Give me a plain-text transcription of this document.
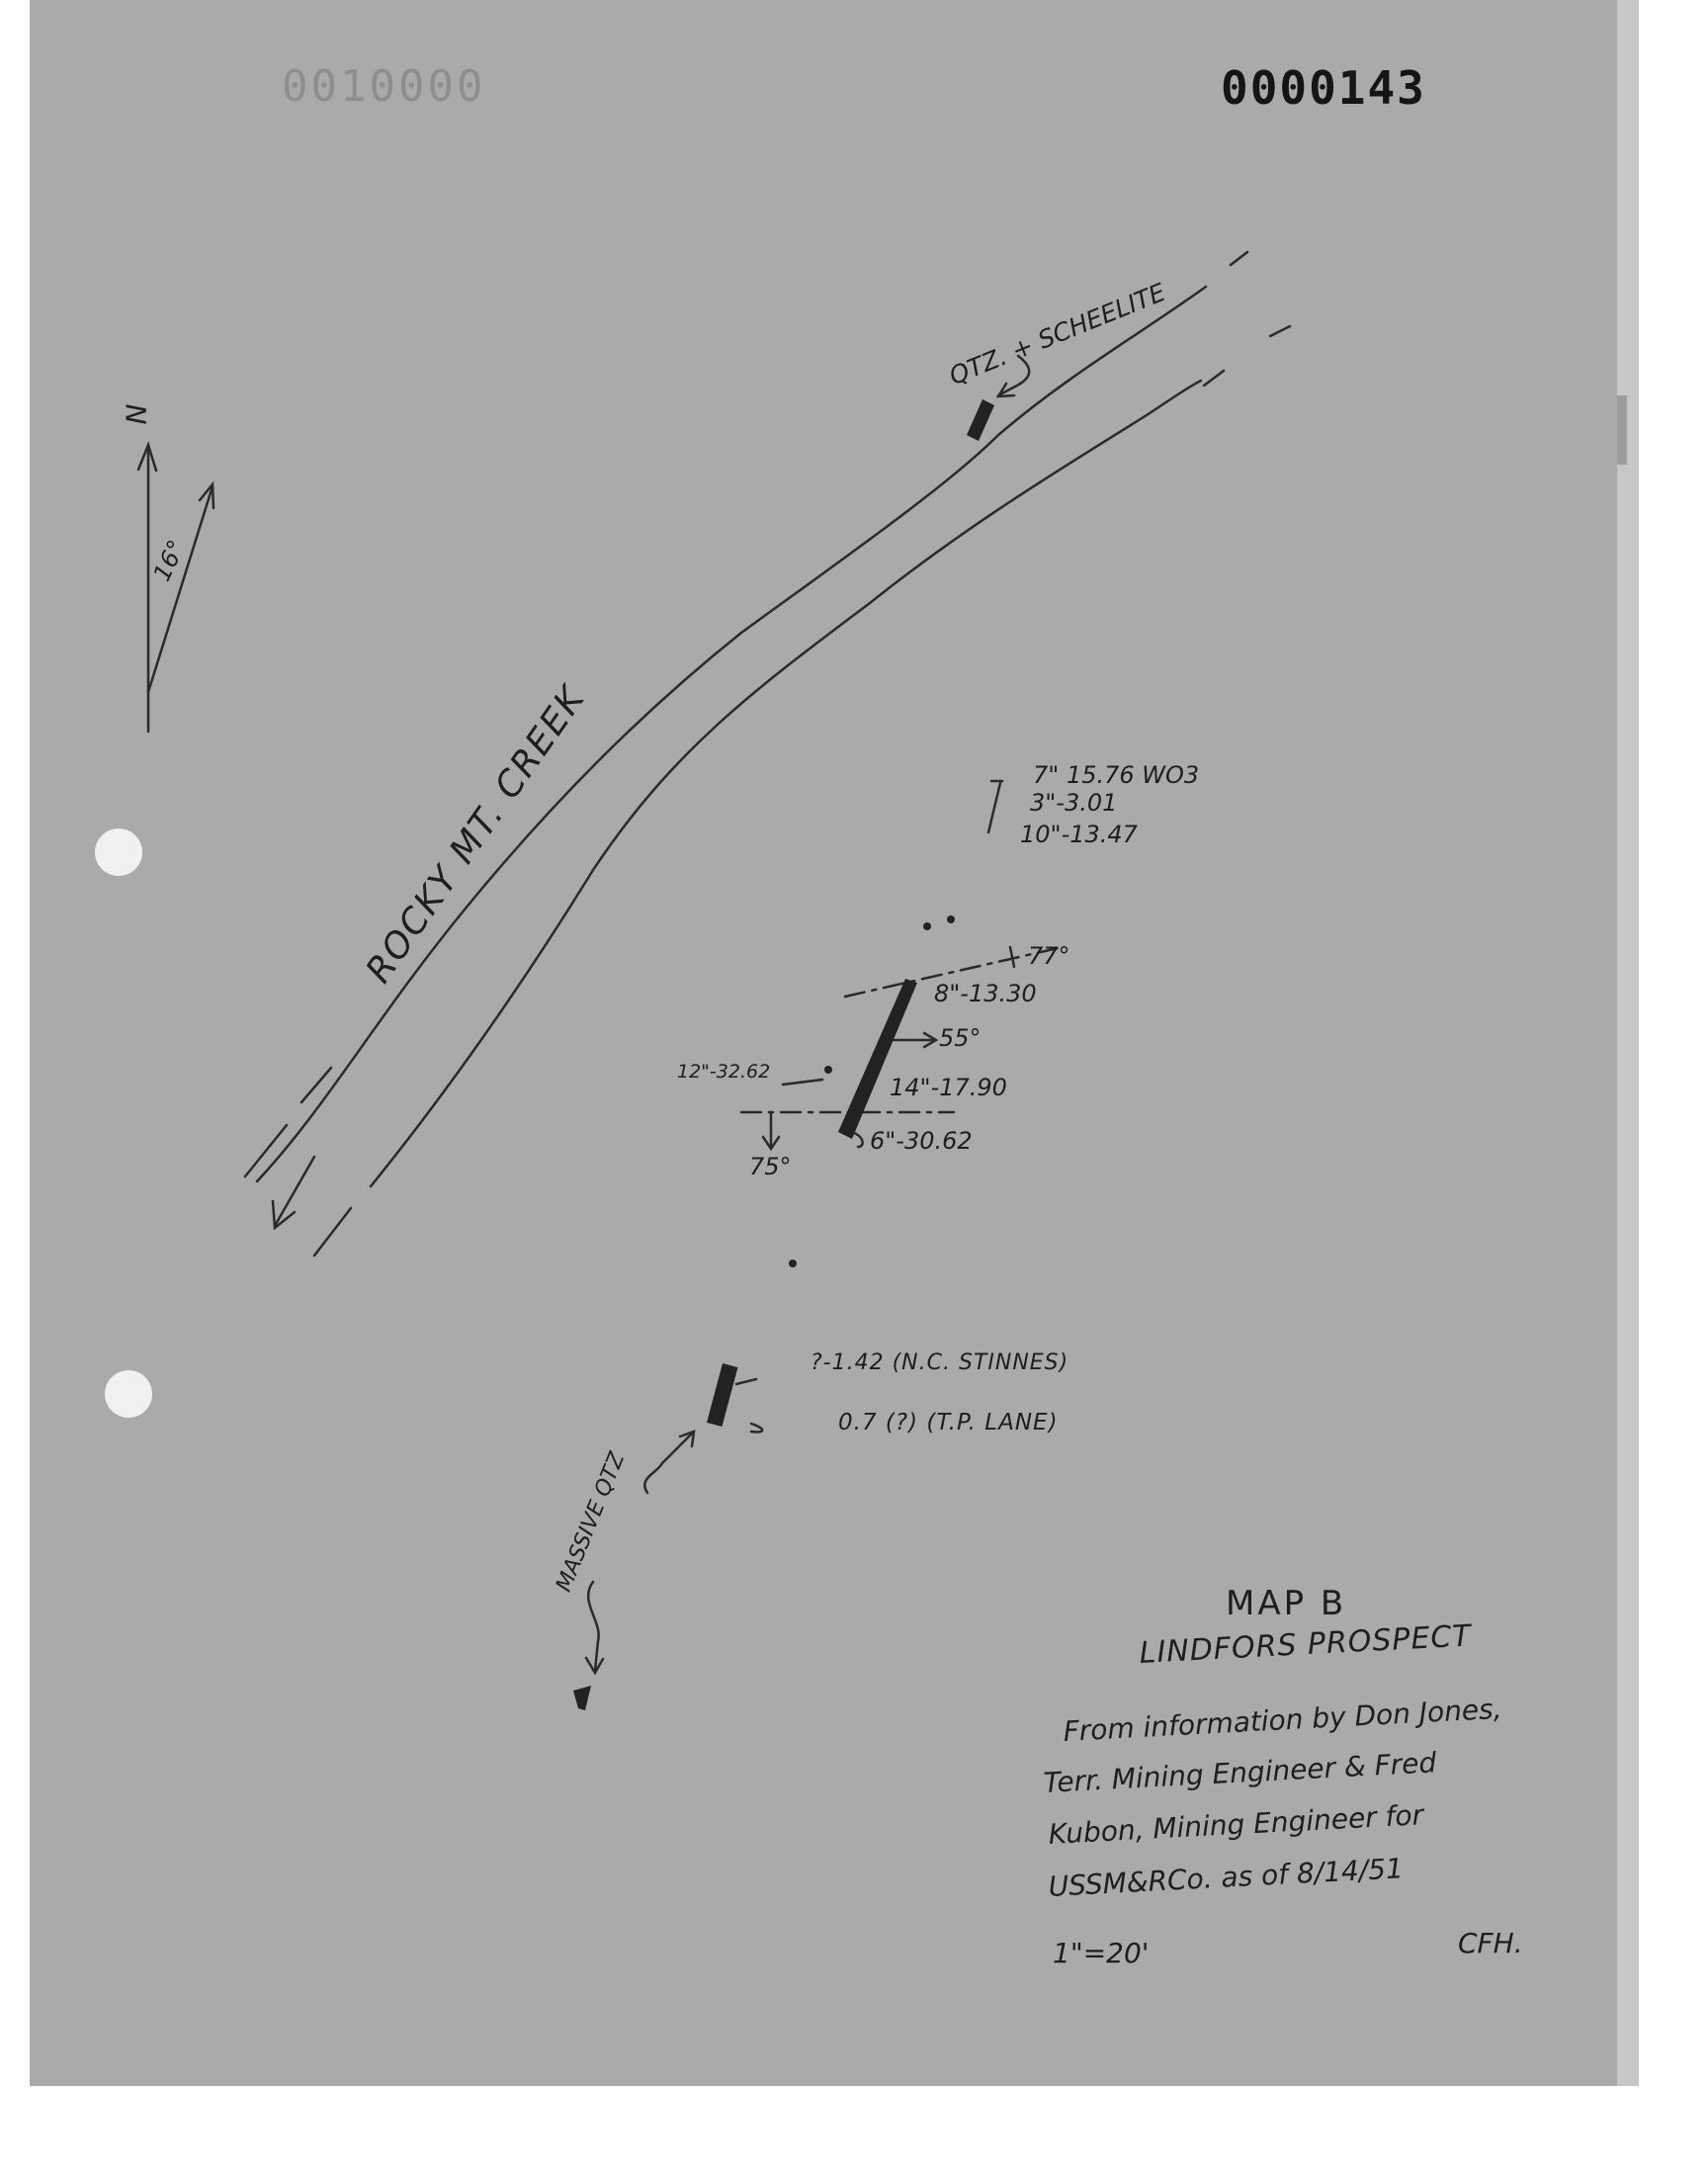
0010000	0000143
N
16°
ROCKY MT. CREEK
QTZ. + SCHEELITE
7" 15.76 WO3
3"-3.01
10"-13.47
77°
8"-13.30
55°
12"-32.62
14"-17.90
6"-30.62
75°
?-1.42 (N.C. STINNES)
0.7 (?) (T.P. LANE)
MASSIVE QTZ
MAP B
LINDFORS PROSPECT
From information by Don Jones,
Terr. Mining Engineer & Fred
Kubon, Mining Engineer for
USSM&RCo. as of 8/14/51
1"=20'	CFH.
